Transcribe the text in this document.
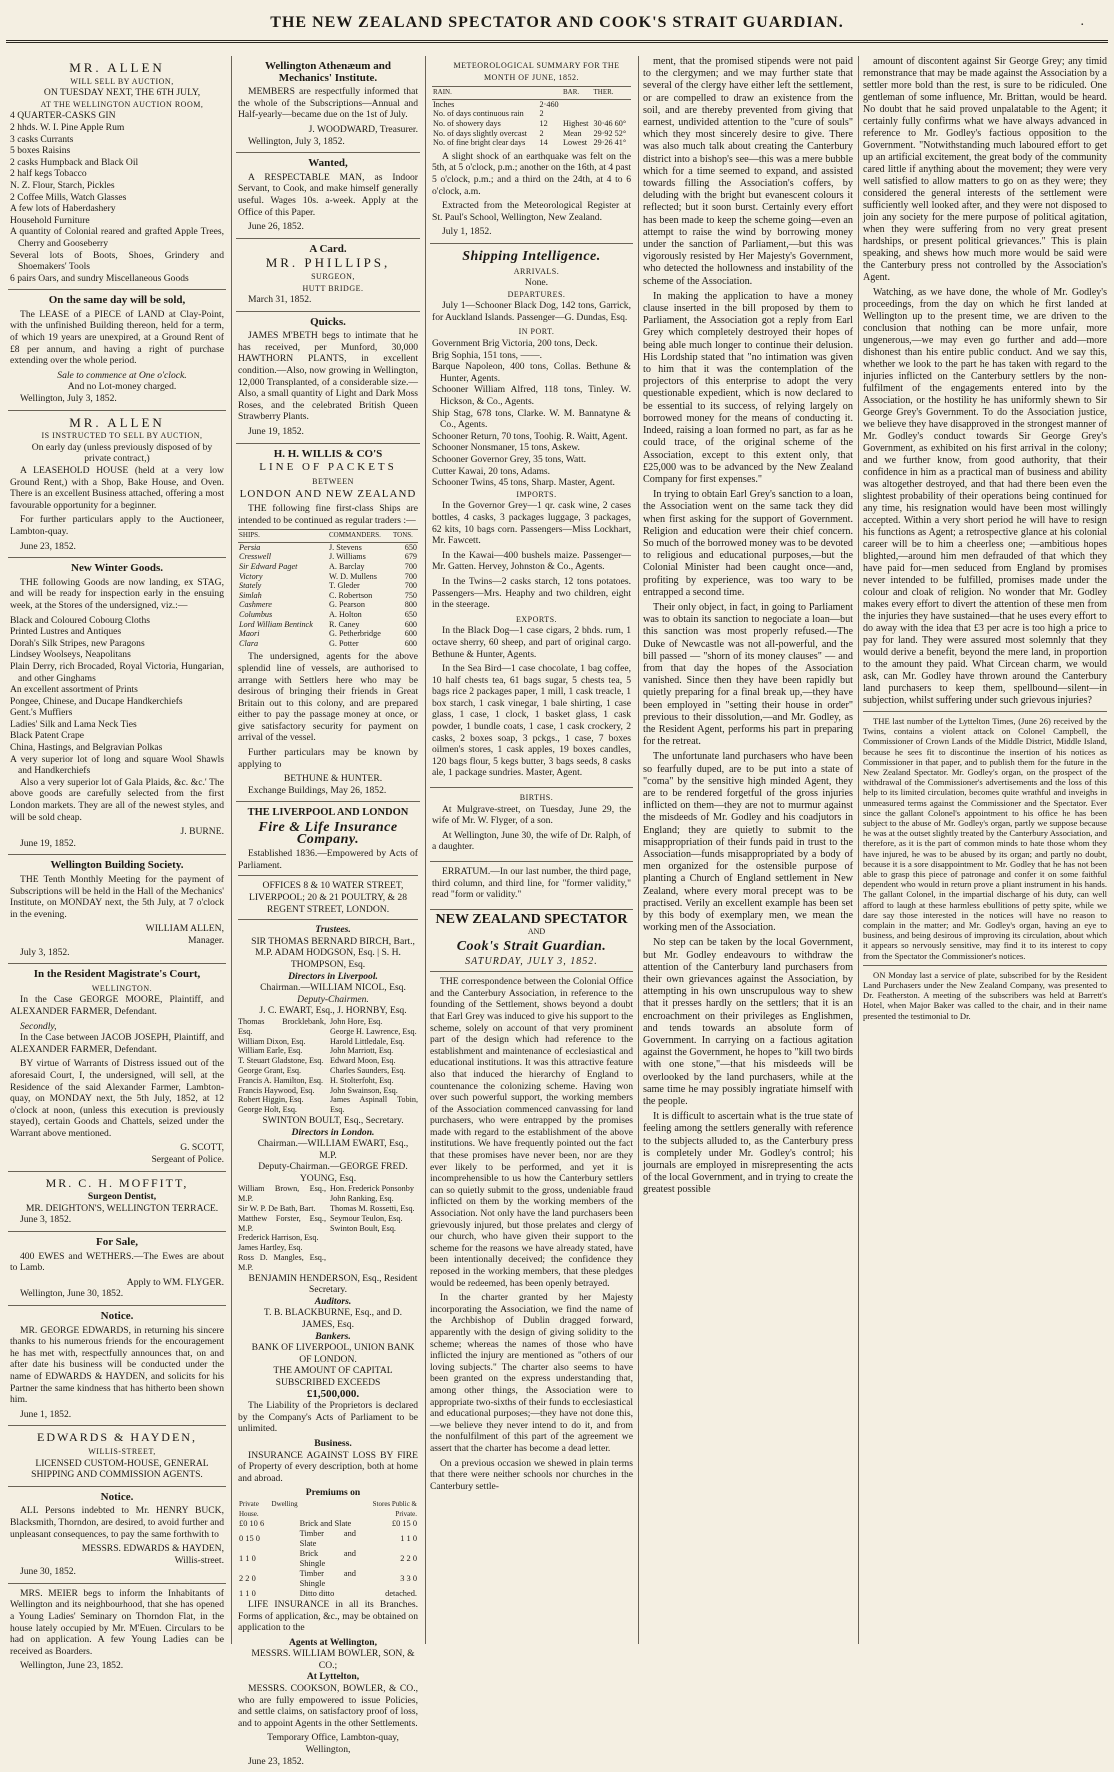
THE NEW ZEALAND SPECTATOR AND COOK'S STRAIT GUARDIAN.	.
MR. ALLEN

WILL SELL BY AUCTION,

ON TUESDAY NEXT, THE 6TH JULY,

AT THE WELLINGTON AUCTION ROOM,

4 QUARTER-CASKS GIN
2 hhds. W. I. Pine Apple Rum
3 casks Currants
5 boxes Raisins
2 casks Humpback and Black Oil
2 half kegs Tobacco
N. Z. Flour, Starch, Pickles
2 Coffee Mills, Watch Glasses
A few lots of Haberdashery
Household Furniture
A quantity of Colonial reared and grafted Apple Trees, Cherry and Gooseberry
Several lots of Boots, Shoes, Grindery and Shoemakers' Tools
6 pairs Oars, and sundry Miscellaneous Goods
On the same day will be sold,

The LEASE of a PIECE of LAND at Clay-Point, with the unfinished Building thereon, held for a term, of which 19 years are unexpired, at a Ground Rent of £8 per annum, and having a right of purchase extending over the whole period.

Sale to commence at One o'clock.

And no Lot-money charged.

Wellington, July 3, 1852.

MR. ALLEN

IS INSTRUCTED TO SELL BY AUCTION,

On early day (unless previously disposed of by private contract,)

A LEASEHOLD HOUSE (held at a very low Ground Rent,) with a Shop, Bake House, and Oven. There is an excellent Business attached, offering a most favourable opportunity for a beginner.

For further particulars apply to the Auctioneer, Lambton-quay.

June 23, 1852.

New Winter Goods.

THE following Goods are now landing, ex STAG, and will be ready for inspection early in the ensuing week, at the Stores of the undersigned, viz.:—

Black and Coloured Cobourg Cloths
Printed Lustres and Antiques
Dorah's Silk Stripes, new Paragons
Lindsey Woolseys, Neapolitans
Plain Derry, rich Brocaded, Royal Victoria, Hungarian, and other Ginghams
An excellent assortment of Prints
Pongee, Chinese, and Ducape Handkerchiefs
Gent.'s Muffiers
Ladies' Silk and Lama Neck Ties
Black Patent Crape
China, Hastings, and Belgravian Polkas
A very superior lot of long and square Wool Shawls and Handkerchiefs

Also a very superior lot of Gala Plaids, &c. &c.' The above goods are carefully selected from the first London markets. They are all of the newest styles, and will be sold cheap.

J. BURNE.

June 19, 1852.

Wellington Building Society.

THE Tenth Monthly Meeting for the payment of Subscriptions will be held in the Hall of the Mechanics' Institute, on MONDAY next, the 5th July, at 7 o'clock in the evening.

WILLIAM ALLEN,

Manager.

July 3, 1852.

In the Resident Magistrate's Court,

WELLINGTON.

In the Case GEORGE MOORE, Plaintiff, and ALEXANDER FARMER, Defendant.

Secondly,

In the Case between JACOB JOSEPH, Plaintiff, and ALEXANDER FARMER, Defendant.

BY virtue of Warrants of Distress issued out of the aforesaid Court, I, the undersigned, will sell, at the Residence of the said Alexander Farmer, Lambton-quay, on MONDAY next, the 5th July, 1852, at 12 o'clock at noon, (unless this execution is previously stayed), certain Goods and Chattels, seized under the Warrant above mentioned.

G. SCOTT,

Sergeant of Police.

MR. C. H. MOFFITT,

Surgeon Dentist,

MR. DEIGHTON'S, WELLINGTON TERRACE.

June 3, 1852.

For Sale,

400 EWES and WETHERS.—The Ewes are about to Lamb.

Apply to WM. FLYGER.

Wellington, June 30, 1852.

Notice.

MR. GEORGE EDWARDS, in returning his sincere thanks to his numerous friends for the encouragement he has met with, respectfully announces that, on and after date his business will be conducted under the name of EDWARDS & HAYDEN, and solicits for his Partner the same kindness that has hitherto been shown him.

June 1, 1852.

EDWARDS & HAYDEN,

WILLIS-STREET,

LICENSED CUSTOM-HOUSE, GENERAL SHIPPING AND COMMISSION AGENTS.

Notice.

ALL Persons indebted to Mr. HENRY BUCK, Blacksmith, Thorndon, are desired, to avoid further and unpleasant consequences, to pay the same forthwith to

MESSRS. EDWARDS & HAYDEN,

Willis-street.

June 30, 1852.

MRS. MEIER begs to inform the Inhabitants of Wellington and its neighbourhood, that she has opened a Young Ladies' Seminary on Thorndon Flat, in the house lately occupied by Mr. M'Euen. Circulars to be had on application. A few Young Ladies can be received as Boarders.

Wellington, June 23, 1852.

Wellington Athenæum and Mechanics' Institute.

MEMBERS are respectfully informed that the whole of the Subscriptions—Annual and Half-yearly—became due on the 1st of July.

J. WOODWARD, Treasurer.

Wellington, July 3, 1852.

Wanted,

A RESPECTABLE MAN, as Indoor Servant, to Cook, and make himself generally useful. Wages 10s. a-week. Apply at the Office of this Paper.

June 26, 1852.

A Card.
MR. PHILLIPS,

SURGEON,

HUTT BRIDGE.

March 31, 1852.

Quicks.

JAMES M'BETH begs to intimate that he has received, per Munford, 30,000 HAWTHORN PLANTS, in excellent condition.—Also, now growing in Wellington, 12,000 Transplanted, of a considerable size.—Also, a small quantity of Light and Dark Moss Roses, and the celebrated British Queen Strawberry Plants.

June 19, 1852.

H. H. WILLIS & CO'S
LINE OF PACKETS

BETWEEN

LONDON AND NEW ZEALAND

THE following fine first-class Ships are intended to be continued as regular traders :—

SHIPS.	COMMANDERS.	TONS.
Persia	J. Stevens	650
Cresswell	J. Williams	679
Sir Edward Paget	A. Barclay	700
Victory	W. D. Mullens	700
Stately	T. Gleder	700
Simlah	C. Robertson	750
Cashmere	G. Pearson	800
Columbus	A. Holton	650
Lord William Bentinck	R. Caney	600
Maori	G. Petherbridge	600
Clara	G. Potter	600

The undersigned, agents for the above splendid line of vessels, are authorised to arrange with Settlers here who may be desirous of bringing their friends in Great Britain out to this colony, and are prepared either to pay the passage money at once, or give satisfactory security for payment on arrival of the vessel.

Further particulars may be known by applying to

BETHUNE & HUNTER.

Exchange Buildings, May 26, 1852.

THE LIVERPOOL AND LONDON
Fire & Life Insurance Company.

Established 1836.—Empowered by Acts of Parliament.

OFFICES 8 & 10 WATER STREET, LIVERPOOL; 20 & 21 POULTRY, & 28 REGENT STREET, LONDON.

Trustees.

SIR THOMAS BERNARD BIRCH, Bart., M.P. ADAM HODGSON, Esq. | S. H. THOMPSON, Esq.

Directors in Liverpool.

Chairman.—WILLIAM NICOL, Esq.

Deputy-Chairmen.

J. C. EWART, Esq., J. HORNBY, Esq.

Thomas Brocklebank, Esq.
William Dixon, Esq.
William Earle, Esq.
T. Steuart Gladstone, Esq.
George Grant, Esq.
Francis A. Hamilton, Esq.
Francis Haywood, Esq.
Robert Higgin, Esq.
George Holt, Esq.
John Hore, Esq.
George H. Lawrence, Esq.
Harold Littledale, Esq.
John Marriott, Esq.
Edward Moon, Esq.
Charles Saunders, Esq.
H. Stolterfoht, Esq.
John Swainson, Esq.
James Aspinall Tobin, Esq.

SWINTON BOULT, Esq., Secretary.

Directors in London.

Chairman.—WILLIAM EWART, Esq., M.P.

Deputy-Chairman.—GEORGE FRED. YOUNG, Esq.

William Brown, Esq., M.P.
Sir W. P. De Bath, Bart.
Matthew Forster, Esq., M.P.
Frederick Harrison, Esq.
James Hartley, Esq.
Ross D. Mangles, Esq., M.P.
Hon. Frederick Ponsonby
John Ranking, Esq.
Thomas M. Rossetti, Esq.
Seymour Teulon, Esq.
Swinton Boult, Esq.

BENJAMIN HENDERSON, Esq., Resident Secretary.

Auditors.

T. B. BLACKBURNE, Esq., and D. JAMES, Esq.

Bankers.

BANK OF LIVERPOOL, UNION BANK OF LONDON.

THE AMOUNT OF CAPITAL SUBSCRIBED EXCEEDS

£1,500,000.

The Liability of the Proprietors is declared by the Company's Acts of Parliament to be unlimited.

Business.

INSURANCE AGAINST LOSS BY FIRE of Property of every description, both at home and abroad.

Premiums on

Private Dwelling House.		Stores Public & Private.
£0 10 6	Brick and Slate	£0 15 0
0 15 0	Timber and Slate	1 1 0
1 1 0	Brick and Shingle	2 2 0
2 2 0	Timber and Shingle	3 3 0
1 1 0	Ditto ditto	detached.

LIFE INSURANCE in all its Branches. Forms of application, &c., may be obtained on application to the

Agents at Wellington,

MESSRS. WILLIAM BOWLER, SON, & CO.;

At Lyttelton,

MESSRS. COOKSON, BOWLER, & CO., who are fully empowered to issue Policies, and settle claims, on satisfactory proof of loss, and to appoint Agents in the other Settlements.

Temporary Office, Lambton-quay, Wellington,

June 23, 1852.

METEOROLOGICAL SUMMARY FOR THE MONTH OF JUNE, 1852.

RAIN.		BAR.	THER.
Inches	2·460		
No. of days continuous rain	2		
No. of showery days	12	Highest	30·46 60°
No. of days slightly overcast	2	Mean	29·92 52°
No. of fine bright clear days	14	Lowest	29·26 41°

A slight shock of an earthquake was felt on the 5th, at 5 o'clock, p.m.; another on the 16th, at 4 past 5 o'clock, p.m.; and a third on the 24th, at 4 to 6 o'clock, a.m.

Extracted from the Meteorological Register at St. Paul's School, Wellington, New Zealand.

July 1, 1852.

Shipping Intelligence.

ARRIVALS.

None.

DEPARTURES.

July 1—Schooner Black Dog, 142 tons, Garrick, for Auckland Islands. Passenger—G. Dundas, Esq.

IN PORT.

Government Brig Victoria, 200 tons, Deck.
Brig Sophia, 151 tons, ——.
Barque Napoleon, 400 tons, Collas. Bethune & Hunter, Agents.
Schooner William Alfred, 118 tons, Tinley. W. Hickson, & Co., Agents.
Ship Stag, 678 tons, Clarke. W. M. Bannatyne & Co., Agents.
Schooner Return, 70 tons, Toohig. R. Waitt, Agent.
Schooner Nonsmaner, 15 tons, Askew.
Schooner Governor Grey, 35 tons, Watt.
Cutter Kawai, 20 tons, Adams.
Schooner Twins, 45 tons, Sharp. Master, Agent.

IMPORTS.

In the Governor Grey—1 qr. cask wine, 2 cases bottles, 4 casks, 3 packages luggage, 3 packages, 62 kits, 10 bags corn. Passengers—Miss Lockhart, Mr. Fawcett.

In the Kawai—400 bushels maize. Passenger—Mr. Gatten. Hervey, Johnston & Co., Agents.

In the Twins—2 casks starch, 12 tons potatoes. Passengers—Mrs. Heaphy and two children, eight in the steerage.

EXPORTS.

In the Black Dog—1 case cigars, 2 bhds. rum, 1 octave sherry, 60 sheep, and part of original cargo. Bethune & Hunter, Agents.

In the Sea Bird—1 case chocolate, 1 bag coffee, 10 half chests tea, 61 bags sugar, 5 chests tea, 5 bags rice 2 packages paper, 1 mill, 1 cask treacle, 1 box starch, 1 cask vinegar, 1 bale shirting, 1 case glass, 1 case, 1 clock, 1 basket glass, 1 cask powder, 1 bundle coats, 1 case, 1 cask crockery, 2 casks, 2 boxes soap, 3 pckgs., 1 case, 7 boxes oilmen's stores, 1 cask apples, 19 boxes candles, 120 bags flour, 5 kegs butter, 3 bags seeds, 8 casks ale, 1 package sundries. Master, Agent.

BIRTHS.

At Mulgrave-street, on Tuesday, June 29, the wife of Mr. W. Flyger, of a son.

At Wellington, June 30, the wife of Dr. Ralph, of a daughter.

ERRATUM.—In our last number, the third page, third column, and third line, for "former validity," read "form or validity."

NEW ZEALAND SPECTATOR

AND

Cook's Strait Guardian.
SATURDAY, JULY 3, 1852.

THE correspondence between the Colonial Office and the Canterbury Association, in reference to the founding of the Settlement, shows beyond a doubt that Earl Grey was induced to give his support to the scheme, solely on account of that very prominent part of the design which had reference to the establishment and maintenance of ecclesiastical and educational institutions. It was this attractive feature also that induced the hierarchy of England to countenance the colonizing scheme. Having won over such powerful support, the working members of the Association commenced canvassing for land purchasers, who were entrapped by the promises made with regard to the establishment of the above institutions. We have frequently pointed out the fact that these promises have never been, nor are they ever likely to be performed, and yet it is incomprehensible to us how the Canterbury settlers can so quietly submit to the gross, undeniable fraud inflicted on them by the working members of the Association. Not only have the land purchasers been grievously injured, but those prelates and clergy of our church, who have given their support to the scheme for the reasons we have already stated, have been intentionally deceived; the confidence they reposed in the working members, that these pledges would be redeemed, has been openly betrayed.

In the charter granted by her Majesty incorporating the Association, we find the name of the Archbishop of Dublin dragged forward, apparently with the design of giving solidity to the scheme; whereas the names of those who have inflicted the injury are mentioned as "others of our loving subjects." The charter also seems to have been granted on the express understanding that, among other things, the Association were to appropriate two-sixths of their funds to ecclesiastical and educational purposes;—they have not done this,—we believe they never intend to do it, and from the nonfulfilment of this part of the agreement we assert that the charter has become a dead letter.

On a previous occasion we shewed in plain terms that there were neither schools nor churches in the Canterbury settle-

ment, that the promised stipends were not paid to the clergymen; and we may further state that several of the clergy have either left the settlement, or are compelled to draw an existence from the soil, and are thereby prevented from giving that earnest, undivided attention to the "cure of souls" which they most sincerely desire to give. There was also much talk about creating the Canterbury district into a bishop's see—this was a mere bubble which for a time seemed to expand, and assisted towards filling the Association's coffers, by deluding with the bright but evanescent colours it reflected; but it soon burst. Certainly every effort has been made to keep the scheme going—even an attempt to raise the wind by borrowing money under the sanction of Parliament,—but this was vigorously resisted by Her Majesty's Government, who detected the hollowness and instability of the scheme of the Association.

In making the application to have a money clause inserted in the bill proposed by them to Parliament, the Association got a reply from Earl Grey which completely destroyed their hopes of being able much longer to continue their delusion. His Lordship stated that "no intimation was given to him that it was the contemplation of the projectors of this enterprise to adopt the very questionable expedient, which is now declared to be essential to its success, of relying largely on borrowed money for the means of conducting it. Indeed, raising a loan formed no part, as far as he could trace, of the original scheme of the Association, except to this extent only, that £25,000 was to be advanced by the New Zealand Company for first expenses."

In trying to obtain Earl Grey's sanction to a loan, the Association went on the same tack they did when first asking for the support of Government. Religion and education were their chief concern. So much of the borrowed money was to be devoted to religious and educational purposes,—but the Colonial Minister had been caught once—and, profiting by experience, was too wary to be entrapped a second time.

Their only object, in fact, in going to Parliament was to obtain its sanction to negociate a loan—but this sanction was most properly refused.—The Duke of Newcastle was not all-powerful, and the bill passed — "shorn of its money clauses" — and from that day the hopes of the Association vanished. Since then they have been rapidly but quietly preparing for a final break up,—they have been employed in "setting their house in order" previous to their dissolution,—and Mr. Godley, as the Resident Agent, performs his part in preparing for the retreat.

The unfortunate land purchasers who have been so fearfully duped, are to be put into a state of "coma" by the sensitive high minded Agent, they are to be rendered forgetful of the gross injuries inflicted on them—they are not to murmur against the misdeeds of Mr. Godley and his coadjutors in England; they are quietly to submit to the misappropriation of their funds paid in trust to the Association—funds misappropriated by a body of men organized for the ostensible purpose of planting a Church of England settlement in New Zealand, where every moral precept was to be practised. Verily an excellent example has been set by this body of exemplary men, we mean the working men of the Association.

No step can be taken by the local Government, but Mr. Godley endeavours to withdraw the attention of the Canterbury land purchasers from their own grievances against the Association, by attempting in his own unscrupulous way to shew that it presses hardly on the settlers; that it is an encroachment on their privileges as Englishmen, and tends towards an absolute form of Government. In carrying on a factious agitation against the Government, he hopes to "kill two birds with one stone,"—that his misdeeds will be overlooked by the land purchasers, while at the same time he may possibly ingratiate himself with the people.

It is difficult to ascertain what is the true state of feeling among the settlers generally with reference to the subjects alluded to, as the Canterbury press is completely under Mr. Godley's control; his journals are employed in misrepresenting the acts of the local Government, and in trying to create the greatest possible

amount of discontent against Sir George Grey; any timid remonstrance that may be made against the Association by a settler more bold than the rest, is sure to be ridiculed. One gentleman of some influence, Mr. Brittan, would be heard. No doubt that he said proved unpalatable to the Agent; it certainly fully confirms what we have always advanced in reference to Mr. Godley's factious opposition to the Government. "Notwithstanding much laboured effort to get up an artificial excitement, the great body of the community cared little if anything about the movement; they were very well satisfied to allow matters to go on as they were; they considered the general interests of the settlement were sufficiently well looked after, and they were not disposed to join any society for the mere purpose of political agitation, when they were suffering from no very great present hardships, or present political grievances." This is plain speaking, and shews how much more would be said were the Canterbury press not controlled by the Association's Agent.

Watching, as we have done, the whole of Mr. Godley's proceedings, from the day on which he first landed at Wellington up to the present time, we are driven to the conclusion that nothing can be more unfair, more ungenerous,—we may even go further and add—more dishonest than his entire public conduct. And we say this, whether we look to the part he has taken with regard to the injuries inflicted on the Canterbury settlers by the non-fulfilment of the engagements entered into by the Association, or the hostility he has uniformly shewn to Sir George Grey's Government. To do the Association justice, we believe they have disapproved in the strongest manner of Mr. Godley's conduct towards Sir George Grey's Government, as exhibited on his first arrival in the colony; and we further know, from good authority, that their confidence in him as a practical man of business and ability was altogether destroyed, and that had there been even the slightest probability of their operations being continued for any time, his resignation would have been most willingly accepted. Within a very short period he will have to resign his functions as Agent; a retrospective glance at his colonial career will be to him a cheerless one; —ambitious hopes blighted,—around him men defrauded of that which they have paid for—men seduced from England by promises never intended to be fulfilled, promises made under the colour and cloak of religion. No wonder that Mr. Godley makes every effort to divert the attention of these men from the injuries they have sustained—that he uses every effort to do away with the idea that £3 per acre is too high a price to pay for land. They were assured most solemnly that they would derive a benefit, beyond the mere land, in proportion to the amount they paid. What Circean charm, we would ask, can Mr. Godley have thrown around the Canterbury land purchasers to keep them, spellbound—silent—in subjection, whilst suffering under such grievous injuries?

THE last number of the Lyttelton Times, (June 26) received by the Twins, contains a violent attack on Colonel Campbell, the Commissioner of Crown Lands of the Middle District, Middle Island, because he sees fit to discontinue the insertion of his notices as Commissioner in that paper, and to publish them for the future in the New Zealand Spectator. Mr. Godley's organ, on the prospect of the withdrawal of the Commissioner's advertisements and the loss of this help to its limited circulation, becomes quite wrathful and inveighs in unmeasured terms against the Commissioner and the Spectator. Ever since the gallant Colonel's appointment to his office he has been subject to the abuse of Mr. Godley's organ, partly we suppose because he was at the outset slightly treated by the Canterbury Association, and therefore, as it is the part of common minds to hate those whom they have injured, he was to be abused by its organ; and partly no doubt, because it is a sore disappointment to Mr. Godley that he has not been able to grasp this piece of patronage and confer it on some faithful dependent who would in return prove a pliant instrument in his hands. The gallant Colonel, in the impartial discharge of his duty, can well afford to laugh at these harmless ebullitions of petty spite, while we dare say those interested in the notices will have no reason to complain in the matter; and Mr. Godley's organ, having an eye to business, and being desirous of improving its circulation, about which it appears so nervously sensitive, may find it to its interest to copy from the Spectator the Commissioner's notices.

ON Monday last a service of plate, subscribed for by the Resident Land Purchasers under the New Zealand Company, was presented to Dr. Featherston. A meeting of the subscribers was held at Barrett's Hotel, when Major Baker was called to the chair, and in their name presented the testimonial to Dr.
